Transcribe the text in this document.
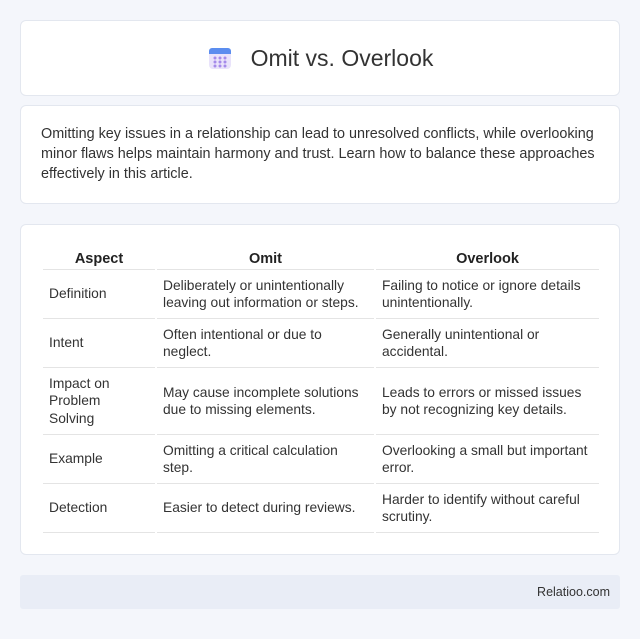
Omit vs. Overlook

Omitting key issues in a relationship can lead to unresolved conflicts, while overlooking minor flaws helps maintain harmony and trust. Learn how to balance these approaches effectively in this article.

Aspect	Omit	Overlook
Definition	Deliberately or unintentionally leaving out information or steps.	Failing to notice or ignore details unintentionally.
Intent	Often intentional or due to neglect.	Generally unintentional or accidental.
Impact on Problem Solving	May cause incomplete solutions due to missing elements.	Leads to errors or missed issues by not recognizing key details.
Example	Omitting a critical calculation step.	Overlooking a small but important error.
Detection	Easier to detect during reviews.	Harder to identify without careful scrutiny.
Relatioo.com
